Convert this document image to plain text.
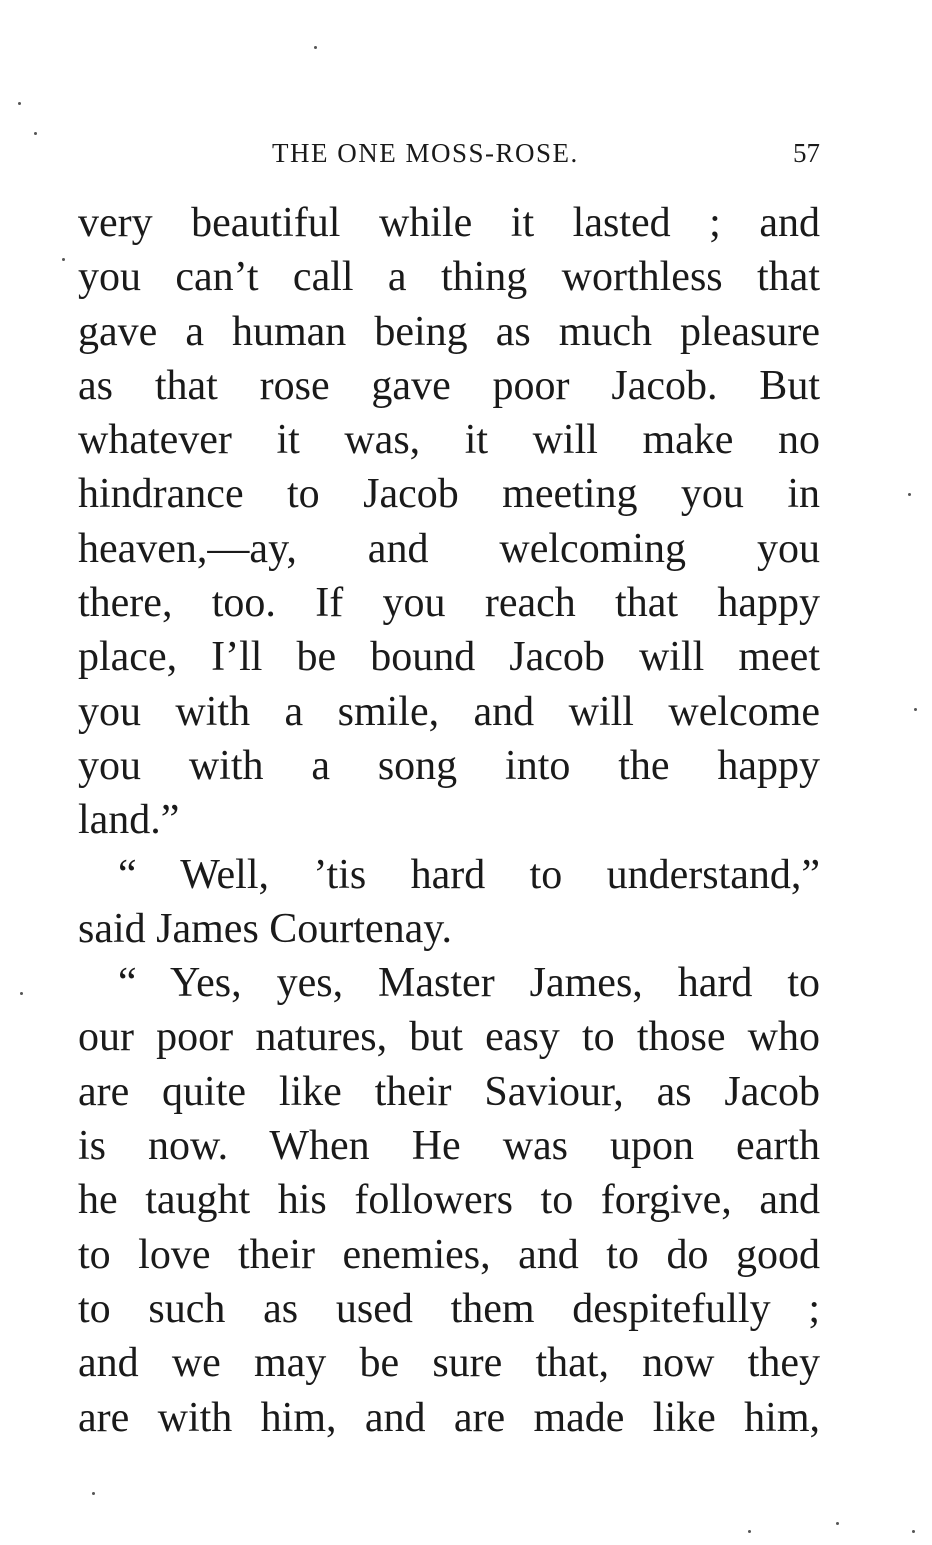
THE ONE MOSS-ROSE.	57
very beautiful while it lasted ; and
you can’t call a thing worthless that
gave a human being as much pleasure
as that rose gave poor Jacob. But
whatever it was, it will make no
hindrance to Jacob meeting you in
heaven,—ay, and welcoming you
there, too. If you reach that happy
place, I’ll be bound Jacob will meet
you with a smile, and will welcome
you with a song into the happy
land.”
“ Well, ’tis hard to understand,”
said James Courtenay.
“ Yes, yes, Master James, hard to
our poor natures, but easy to those who
are quite like their Saviour, as Jacob
is now. When He was upon earth
he taught his followers to forgive, and
to love their enemies, and to do good
to such as used them despitefully ;
and we may be sure that, now they
are with him, and are made like him,
